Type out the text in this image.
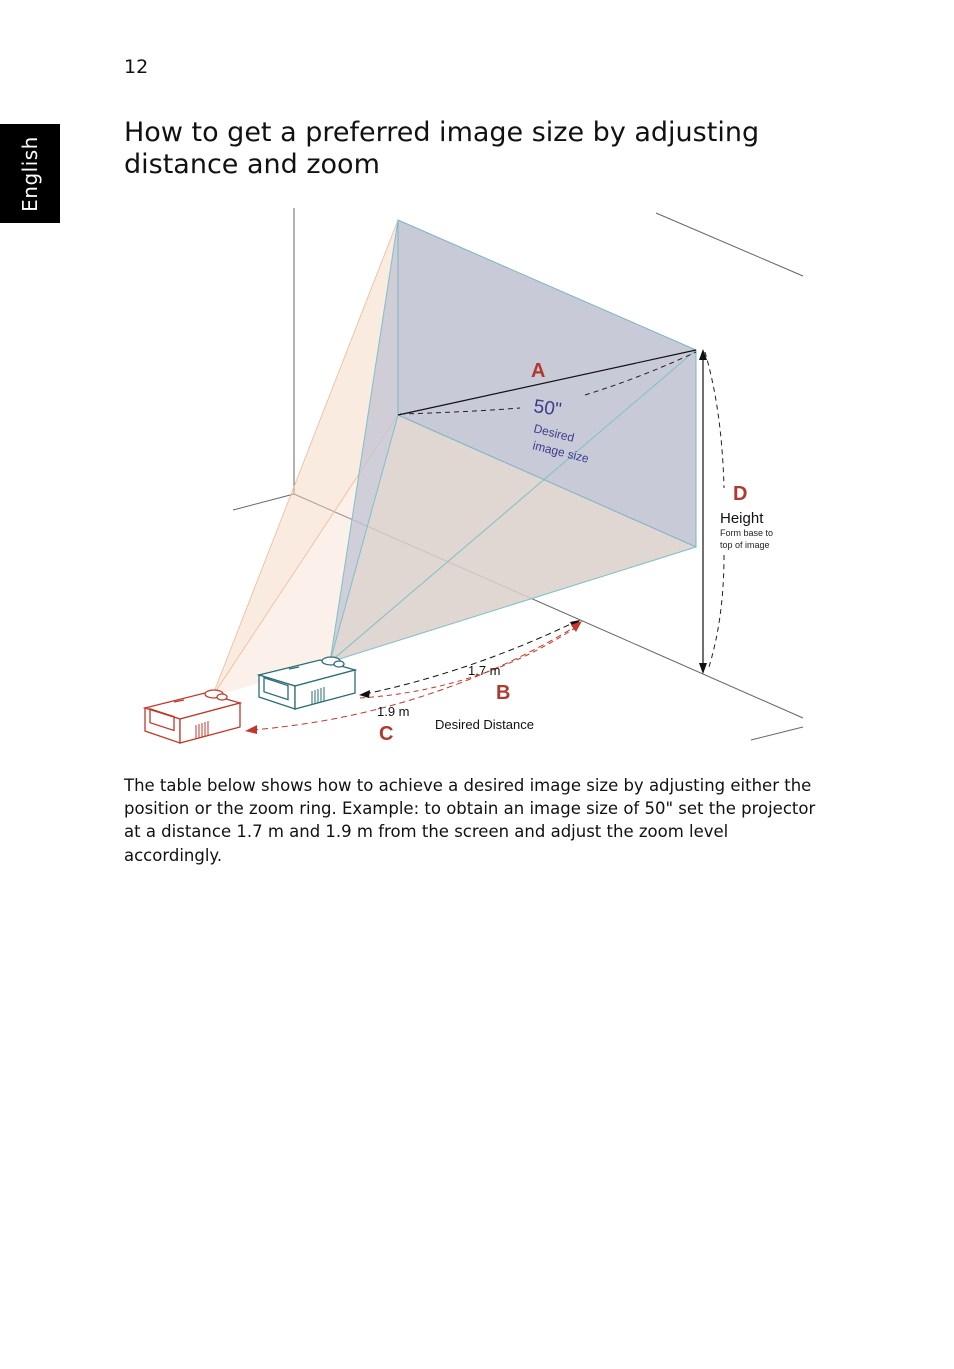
12
English
How to get a preferred image size by adjusting distance and zoom
A
50"
Desired
image size
D
Height
Form base to
top of image
1.7 m
B
1.9 m
Desired Distance
C

The table below shows how to achieve a desired image size by adjusting either the position or the zoom ring. Example: to obtain an image size of 50" set the projector at a distance 1.7 m and 1.9 m from the screen and adjust the zoom level accordingly.
